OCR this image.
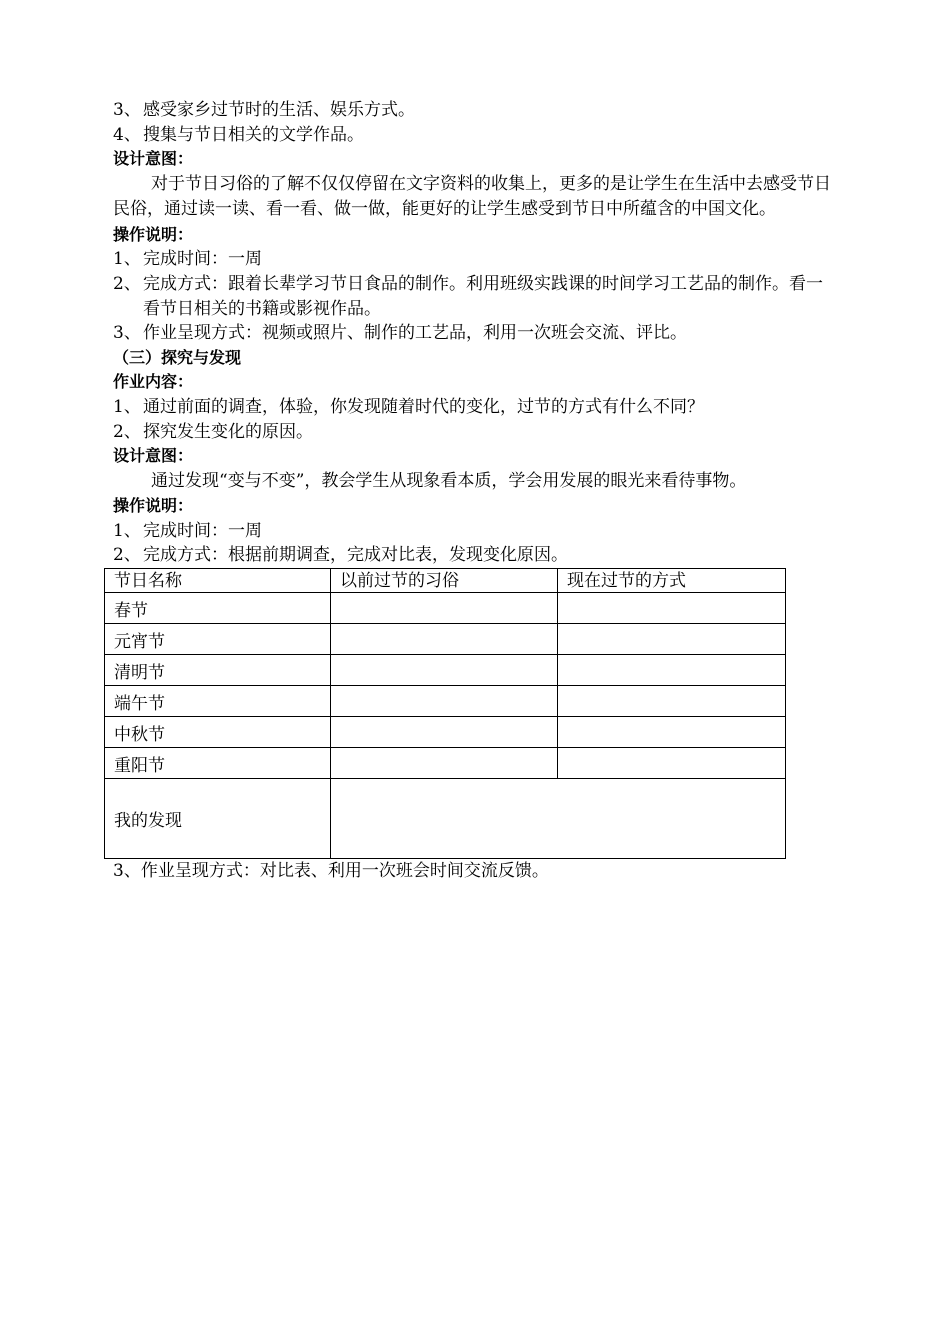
3、 感受家乡过节时的生活、娱乐方式。
4、 搜集与节日相关的文学作品。
设计意图：
对于节日习俗的了解不仅仅停留在文字资料的收集上，更多的是让学生在生活中去感受节日民俗，通过读一读、看一看、做一做，能更好的让学生感受到节日中所蕴含的中国文化。
操作说明：
1、 完成时间：一周
2、 完成方式：跟着长辈学习节日食品的制作。利用班级实践课的时间学习工艺品的制作。看一看节日相关的书籍或影视作品。
3、 作业呈现方式：视频或照片、制作的工艺品，利用一次班会交流、评比。
（三）探究与发现
作业内容：
1、 通过前面的调查，体验，你发现随着时代的变化，过节的方式有什么不同？
2、 探究发生变化的原因。
设计意图：
通过发现“变与不变”，教会学生从现象看本质，学会用发展的眼光来看待事物。
操作说明：
1、 完成时间：一周
2、 完成方式：根据前期调查，完成对比表，发现变化原因。
节日名称	以前过节的习俗	现在过节的方式
春节		
元宵节		
清明节		
端午节		
中秋节		
重阳节		
我的发现		
3、作业呈现方式：对比表、利用一次班会时间交流反馈。
